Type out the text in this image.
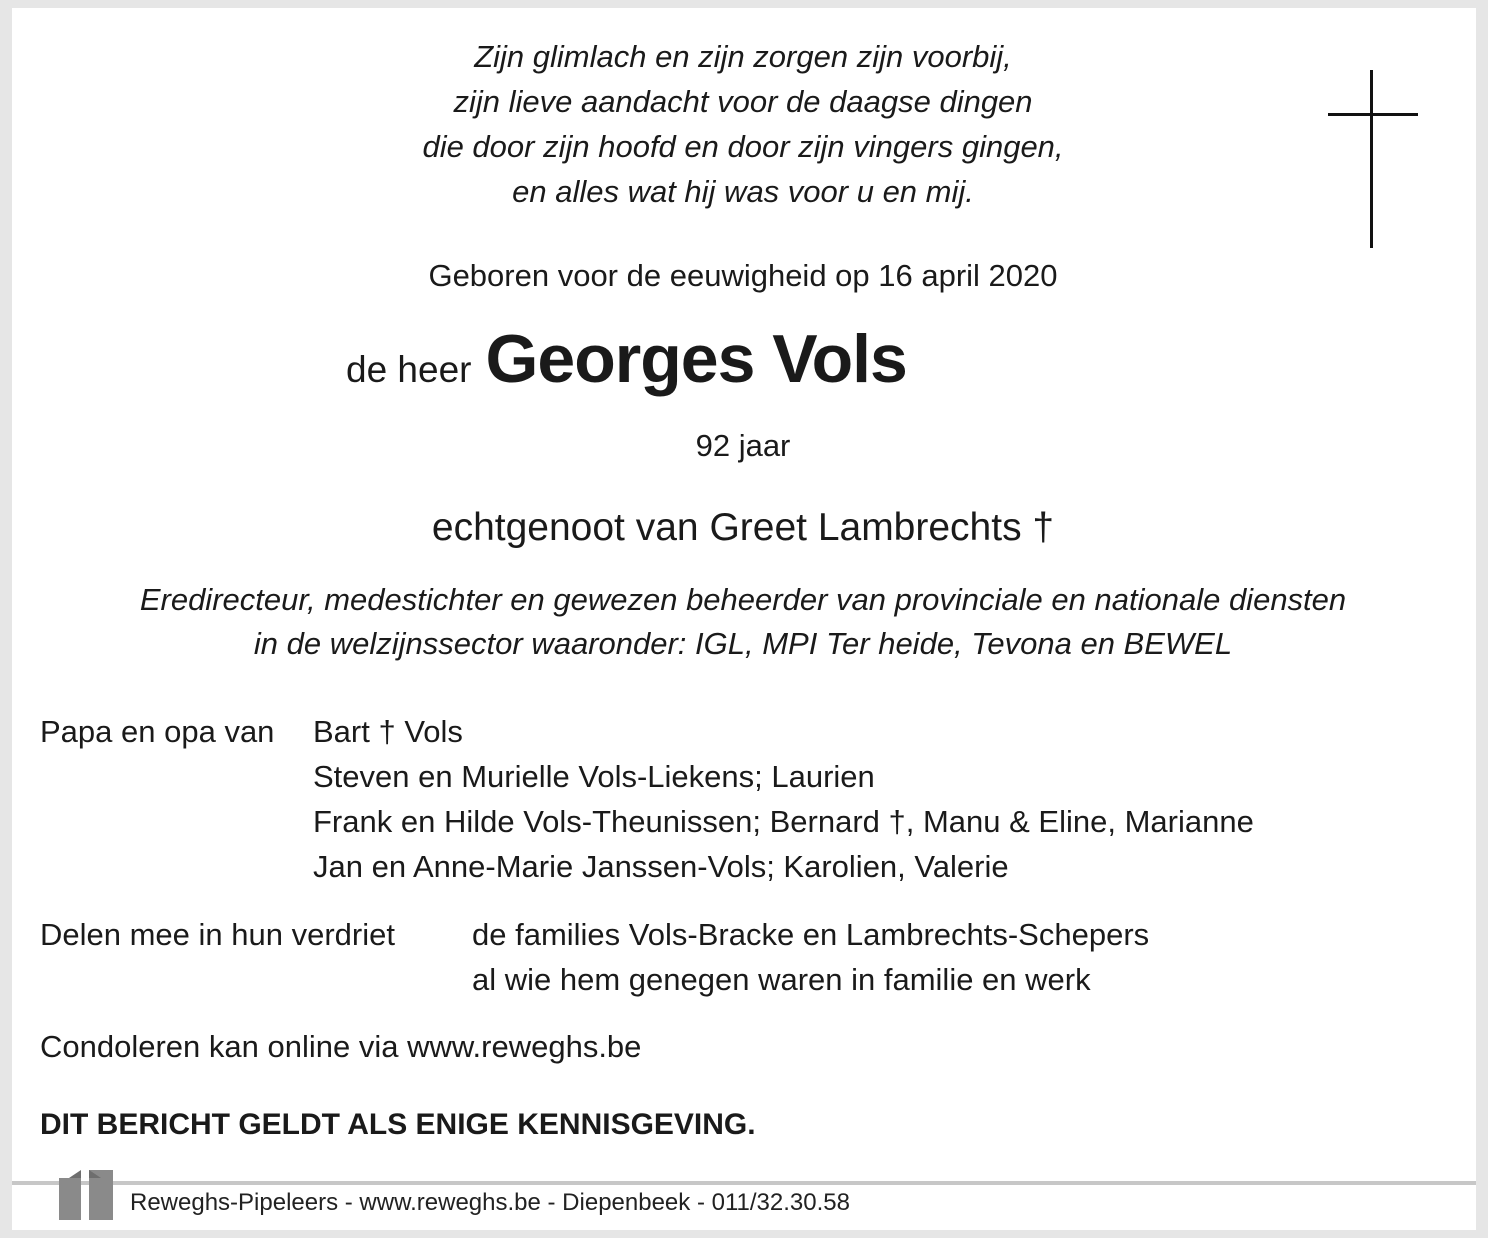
Zijn glimlach en zijn zorgen zijn voorbij,
zijn lieve aandacht voor de daagse dingen
die door zijn hoofd en door zijn vingers gingen,
en alles wat hij was voor u en mij.
Geboren voor de eeuwigheid op 16 april 2020
de heer Georges Vols
92 jaar
echtgenoot van Greet Lambrechts †
Eredirecteur, medestichter en gewezen beheerder van provinciale en nationale diensten
in de welzijnssector waaronder: IGL, MPI Ter heide, Tevona en BEWEL
Papa en opa van Bart † Vols
Steven en Murielle Vols-Liekens; Laurien
Frank en Hilde Vols-Theunissen; Bernard †, Manu & Eline, Marianne
Jan en Anne-Marie Janssen-Vols; Karolien, Valerie
Delen mee in hun verdriet de families Vols-Bracke en Lambrechts-Schepers
al wie hem genegen waren in familie en werk
Condoleren kan online via www.reweghs.be
DIT BERICHT GELDT ALS ENIGE KENNISGEVING.
Reweghs-Pipeleers - www.reweghs.be - Diepenbeek - 011/32.30.58
